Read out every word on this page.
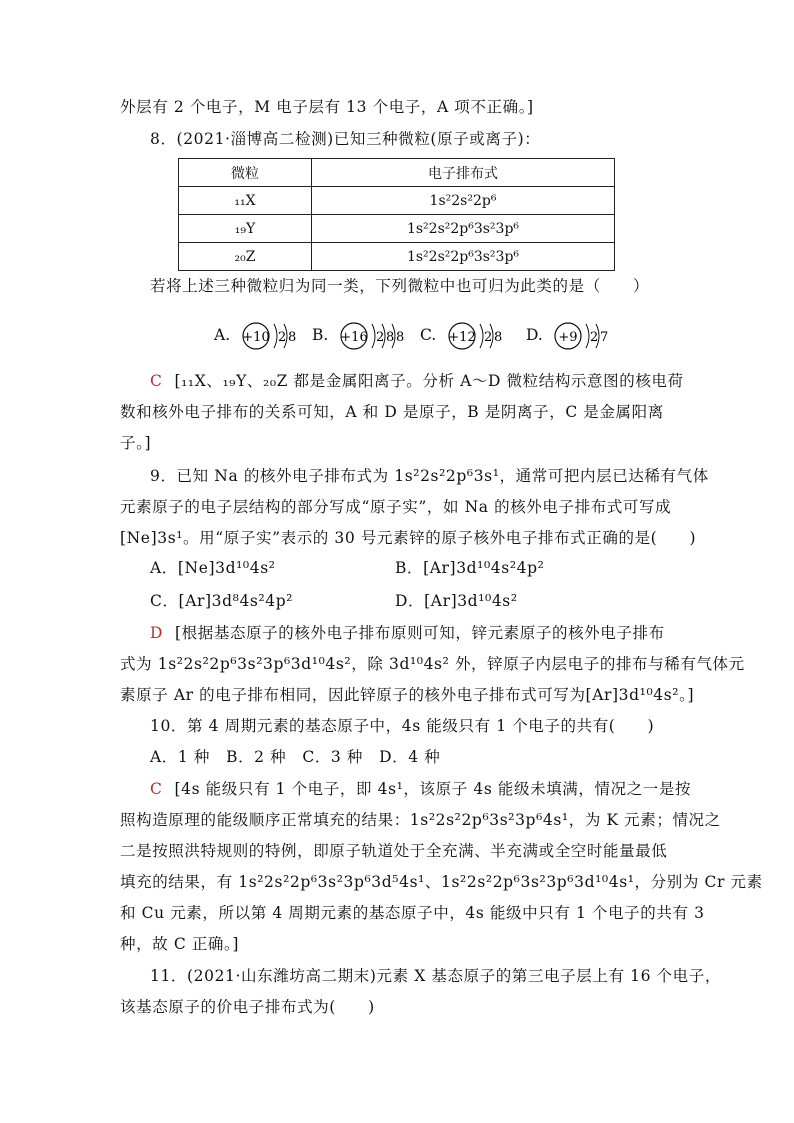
外层有 2 个电子，M 电子层有 13 个电子，A 项不正确。]
8．(2021·淄博高二检测)已知三种微粒(原子或离子)：
微粒	电子排布式
₁₁X	1s²2s²2p⁶
₁₉Y	1s²2s²2p⁶3s²3p⁶
₂₀Z	1s²2s²2p⁶3s²3p⁶
若将上述三种微粒归为同一类，下列微粒中也可归为此类的是（　　）
A. +10 2 8 B. +16 2 8 8 C. +12 2 8 D. +9 2 7
C [₁₁X、₁₉Y、₂₀Z 都是金属阳离子。分析 A～D 微粒结构示意图的核电荷
数和核外电子排布的关系可知，A 和 D 是原子，B 是阴离子，C 是金属阳离
子。]
9．已知 Na 的核外电子排布式为 1s²2s²2p⁶3s¹，通常可把内层已达稀有气体
元素原子的电子层结构的部分写成“原子实”，如 Na 的核外电子排布式可写成
[Ne]3s¹。用“原子实”表示的 30 号元素锌的原子核外电子排布式正确的是(　　)
A．[Ne]3d¹⁰4s²	B．[Ar]3d¹⁰4s²4p²
C．[Ar]3d⁸4s²4p²	D．[Ar]3d¹⁰4s²
D [根据基态原子的核外电子排布原则可知，锌元素原子的核外电子排布
式为 1s²2s²2p⁶3s²3p⁶3d¹⁰4s²，除 3d¹⁰4s² 外，锌原子内层电子的排布与稀有气体元
素原子 Ar 的电子排布相同，因此锌原子的核外电子排布式可写为[Ar]3d¹⁰4s²。]
10．第 4 周期元素的基态原子中，4s 能级只有 1 个电子的共有(　　)
A．1 种　B．2 种　C．3 种　D．4 种
C [4s 能级只有 1 个电子，即 4s¹，该原子 4s 能级未填满，情况之一是按
照构造原理的能级顺序正常填充的结果：1s²2s²2p⁶3s²3p⁶4s¹，为 K 元素；情况之
二是按照洪特规则的特例，即原子轨道处于全充满、半充满或全空时能量最低
填充的结果，有 1s²2s²2p⁶3s²3p⁶3d⁵4s¹、1s²2s²2p⁶3s²3p⁶3d¹⁰4s¹，分别为 Cr 元素
和 Cu 元素，所以第 4 周期元素的基态原子中，4s 能级中只有 1 个电子的共有 3
种，故 C 正确。]
11．(2021·山东潍坊高二期末)元素 X 基态原子的第三电子层上有 16 个电子，
该基态原子的价电子排布式为(　　)
